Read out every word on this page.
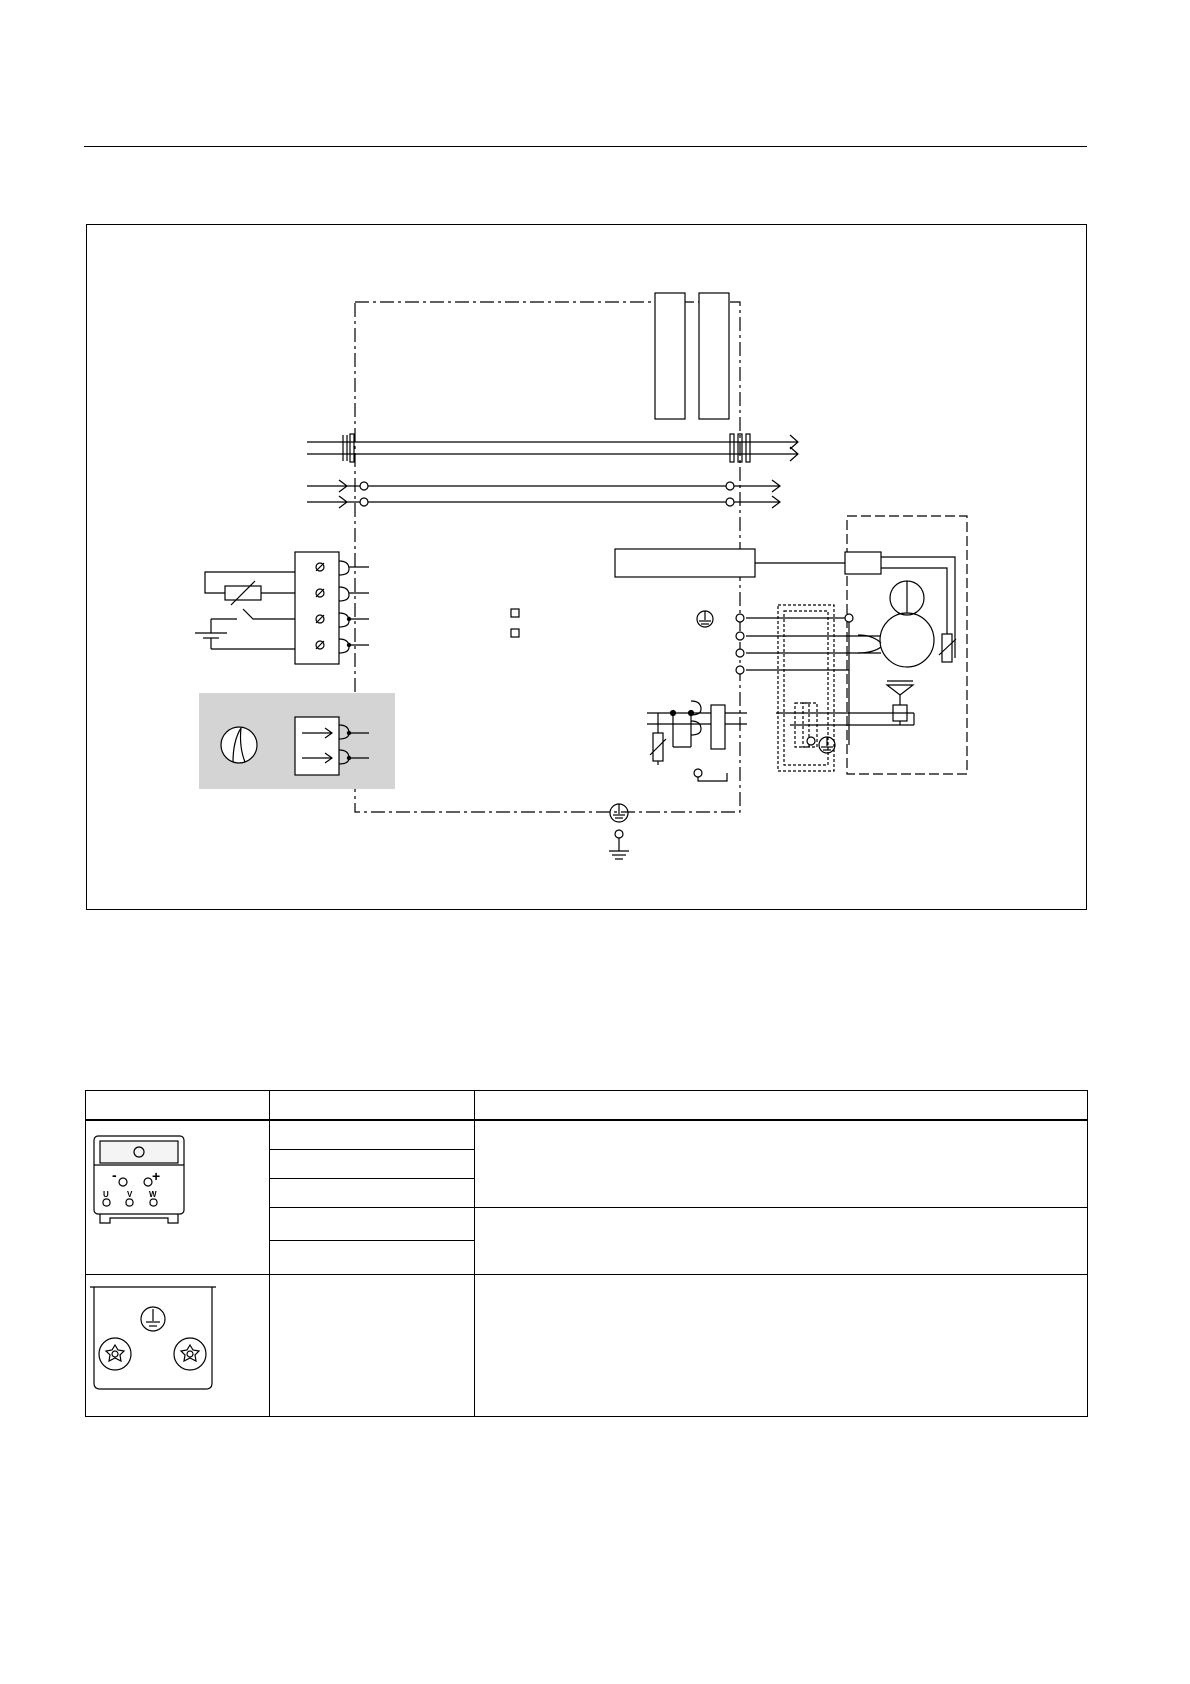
- +
U V W		
